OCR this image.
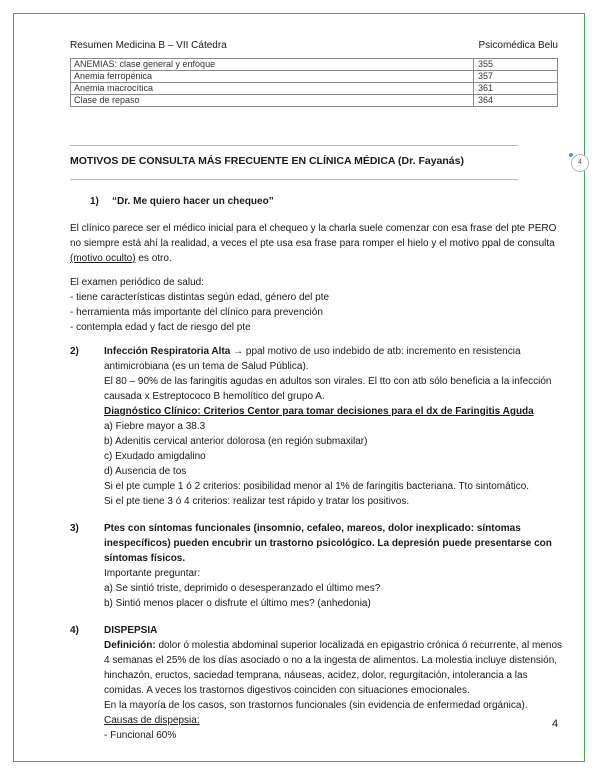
Resumen Medicina B – VII Cátedra	Psicomédica Belu
ANEMIAS: clase general y enfoque	355
Anemia ferropénica	357
Anemia macrocítica	361
Clase de repaso	364
MOTIVOS DE CONSULTA MÁS FRECUENTE EN CLÍNICA MÉDICA (Dr. Fayanás)	4

1) “Dr. Me quiero hacer un chequeo”

El clínico parece ser el médico inicial para el chequeo y la charla suele comenzar con esa frase del pte PERO no siempre está ahí la realidad, a veces el pte usa esa frase para romper el hielo y el motivo ppal de consulta (motivo oculto) es otro.

El examen periódico de salud:

- tiene características distintas según edad, género del pte

- herramienta más importante del clínico para prevención

- contempla edad y fact de riesgo del pte

2)	Infección Respiratoria Alta → ppal motivo de uso indebido de atb: incremento en resistencia antimicrobiana (es un tema de Salud Pública).

El 80 – 90% de las faringitis agudas en adultos son virales. El tto con atb sólo beneficia a la infección causada x Estreptococo B hemolítico del grupo A.

Diagnóstico Clínico: Criterios Centor para tomar decisiones para el dx de Faringitis Aguda

a) Fiebre mayor a 38.3

b) Adenitis cervical anterior dolorosa (en región submaxilar)

c) Exudado amigdalino

d) Ausencia de tos

Si el pte cumple 1 ó 2 criterios: posibilidad menor al 1% de faringitis bacteriana. Tto sintomático.

Si el pte tiene 3 ó 4 criterios: realizar test rápido y tratar los positivos.

3)	Ptes con síntomas funcionales (insomnio, cefaleo, mareos, dolor inexplicado: síntomas inespecíficos) pueden encubrir un trastorno psicológico. La depresión puede presentarse con síntomas físicos.

Importante preguntar:

a) Se sintió triste, deprimido o desesperanzado el último mes?

b) Sintió menos placer o disfrute el último mes? (anhedonia)

4)	DISPEPSIA

Definición: dolor ó molestia abdominal superior localizada en epigastrio crónica ó recurrente, al menos 4 semanas el 25% de los días asociado o no a la ingesta de alimentos. La molestia incluye distensión, hinchazón, eructos, saciedad temprana, náuseas, acidez, dolor, regurgitación, intolerancia a las comidas. A veces los trastornos digestivos coinciden con situaciones emocionales.

En la mayoría de los casos, son trastornos funcionales (sin evidencia de enfermedad orgánica).

Causas de dispepsia:

- Funcional 60%

4
